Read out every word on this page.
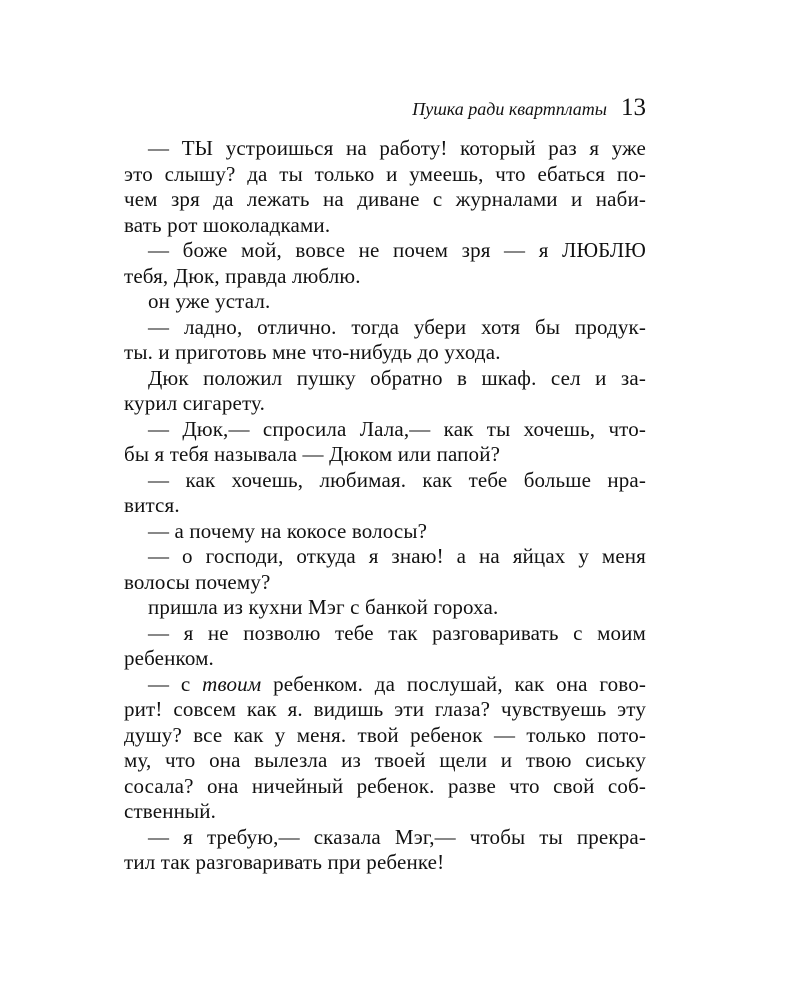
Пушка ради квартплаты 13
— ТЫ устроишься на работу! который раз я уже
это слышу? да ты только и умеешь, что ебаться по-
чем зря да лежать на диване с журналами и наби-
вать рот шоколадками.
— боже мой, вовсе не почем зря — я ЛЮБЛЮ
тебя, Дюк, правда люблю.
он уже устал.
— ладно, отлично. тогда убери хотя бы продук-
ты. и приготовь мне что-нибудь до ухода.
Дюк положил пушку обратно в шкаф. сел и за-
курил сигарету.
— Дюк,— спросила Лала,— как ты хочешь, что-
бы я тебя называла — Дюком или папой?
— как хочешь, любимая. как тебе больше нра-
вится.
— а почему на кокосе волосы?
— о господи, откуда я знаю! а на яйцах у меня
волосы почему?
пришла из кухни Мэг с банкой гороха.
— я не позволю тебе так разговаривать с моим
ребенком.
— с твоим ребенком. да послушай, как она гово-
рит! совсем как я. видишь эти глаза? чувствуешь эту
душу? все как у меня. твой ребенок — только пото-
му, что она вылезла из твоей щели и твою сиську
сосала? она ничейный ребенок. разве что свой соб-
ственный.
— я требую,— сказала Мэг,— чтобы ты прекра-
тил так разговаривать при ребенке!
